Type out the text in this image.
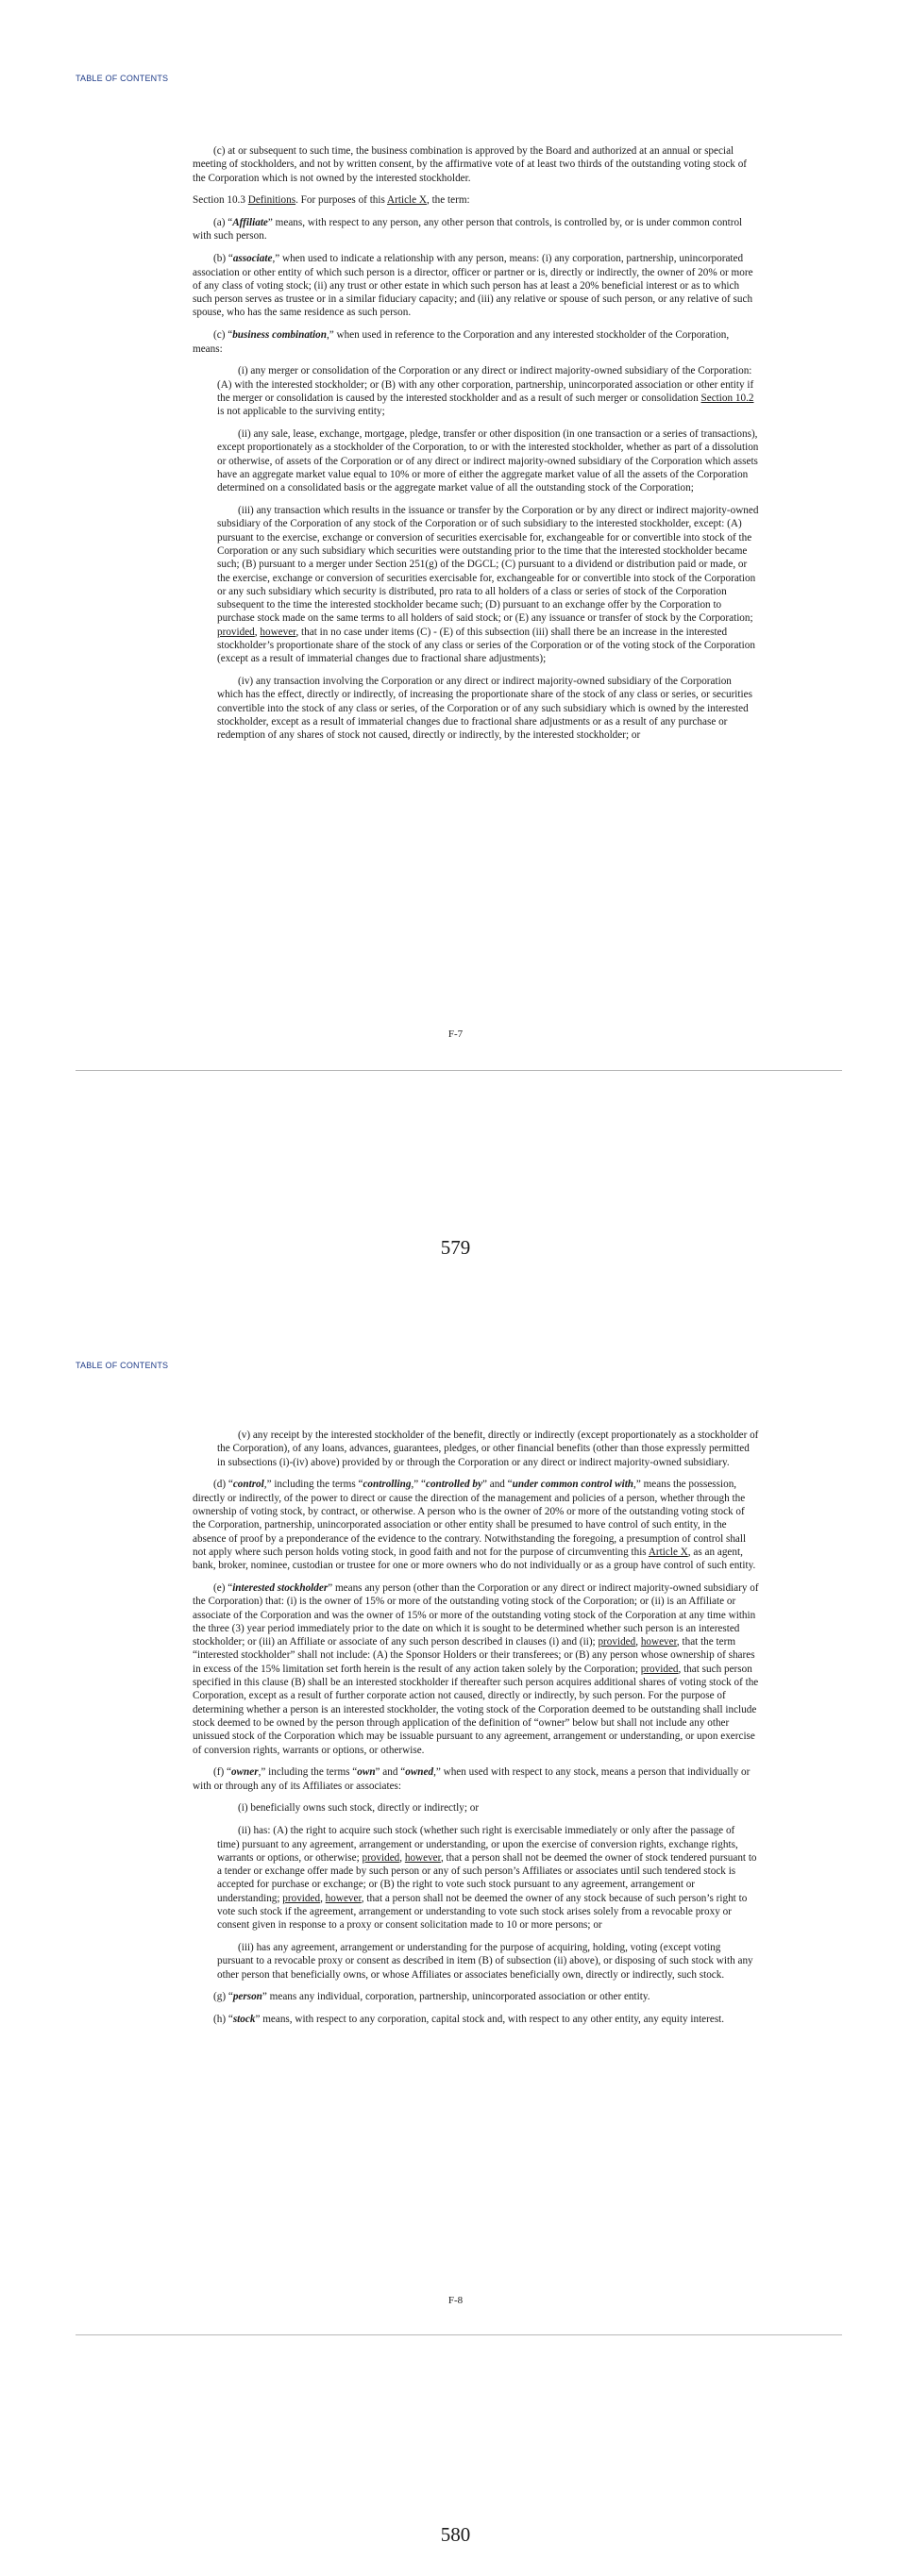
TABLE OF CONTENTS

(c) at or subsequent to such time, the business combination is approved by the Board and authorized at an annual or special meeting of stockholders, and not by written consent, by the affirmative vote of at least two thirds of the outstanding voting stock of the Corporation which is not owned by the interested stockholder.

Section 10.3 Definitions. For purposes of this Article X, the term:

(a) “Affiliate” means, with respect to any person, any other person that controls, is controlled by, or is under common control with such person.

(b) “associate,” when used to indicate a relationship with any person, means: (i) any corporation, partnership, unincorporated association or other entity of which such person is a director, officer or partner or is, directly or indirectly, the owner of 20% or more of any class of voting stock; (ii) any trust or other estate in which such person has at least a 20% beneficial interest or as to which such person serves as trustee or in a similar fiduciary capacity; and (iii) any relative or spouse of such person, or any relative of such spouse, who has the same residence as such person.

(c) “business combination,” when used in reference to the Corporation and any interested stockholder of the Corporation, means:

(i) any merger or consolidation of the Corporation or any direct or indirect majority-owned subsidiary of the Corporation: (A) with the interested stockholder; or (B) with any other corporation, partnership, unincorporated association or other entity if the merger or consolidation is caused by the interested stockholder and as a result of such merger or consolidation Section 10.2 is not applicable to the surviving entity;

(ii) any sale, lease, exchange, mortgage, pledge, transfer or other disposition (in one transaction or a series of transactions), except proportionately as a stockholder of the Corporation, to or with the interested stockholder, whether as part of a dissolution or otherwise, of assets of the Corporation or of any direct or indirect majority-owned subsidiary of the Corporation which assets have an aggregate market value equal to 10% or more of either the aggregate market value of all the assets of the Corporation determined on a consolidated basis or the aggregate market value of all the outstanding stock of the Corporation;

(iii) any transaction which results in the issuance or transfer by the Corporation or by any direct or indirect majority-owned subsidiary of the Corporation of any stock of the Corporation or of such subsidiary to the interested stockholder, except: (A) pursuant to the exercise, exchange or conversion of securities exercisable for, exchangeable for or convertible into stock of the Corporation or any such subsidiary which securities were outstanding prior to the time that the interested stockholder became such; (B) pursuant to a merger under Section 251(g) of the DGCL; (C) pursuant to a dividend or distribution paid or made, or the exercise, exchange or conversion of securities exercisable for, exchangeable for or convertible into stock of the Corporation or any such subsidiary which security is distributed, pro rata to all holders of a class or series of stock of the Corporation subsequent to the time the interested stockholder became such; (D) pursuant to an exchange offer by the Corporation to purchase stock made on the same terms to all holders of said stock; or (E) any issuance or transfer of stock by the Corporation; provided, however, that in no case under items (C) - (E) of this subsection (iii) shall there be an increase in the interested stockholder’s proportionate share of the stock of any class or series of the Corporation or of the voting stock of the Corporation (except as a result of immaterial changes due to fractional share adjustments);

(iv) any transaction involving the Corporation or any direct or indirect majority-owned subsidiary of the Corporation which has the effect, directly or indirectly, of increasing the proportionate share of the stock of any class or series, or securities convertible into the stock of any class or series, of the Corporation or of any such subsidiary which is owned by the interested stockholder, except as a result of immaterial changes due to fractional share adjustments or as a result of any purchase or redemption of any shares of stock not caused, directly or indirectly, by the interested stockholder; or

F-7
579
TABLE OF CONTENTS

(v) any receipt by the interested stockholder of the benefit, directly or indirectly (except proportionately as a stockholder of the Corporation), of any loans, advances, guarantees, pledges, or other financial benefits (other than those expressly permitted in subsections (i)-(iv) above) provided by or through the Corporation or any direct or indirect majority-owned subsidiary.

(d) “control,” including the terms “controlling,” “controlled by” and “under common control with,” means the possession, directly or indirectly, of the power to direct or cause the direction of the management and policies of a person, whether through the ownership of voting stock, by contract, or otherwise. A person who is the owner of 20% or more of the outstanding voting stock of the Corporation, partnership, unincorporated association or other entity shall be presumed to have control of such entity, in the absence of proof by a preponderance of the evidence to the contrary. Notwithstanding the foregoing, a presumption of control shall not apply where such person holds voting stock, in good faith and not for the purpose of circumventing this Article X, as an agent, bank, broker, nominee, custodian or trustee for one or more owners who do not individually or as a group have control of such entity.

(e) “interested stockholder” means any person (other than the Corporation or any direct or indirect majority-owned subsidiary of the Corporation) that: (i) is the owner of 15% or more of the outstanding voting stock of the Corporation; or (ii) is an Affiliate or associate of the Corporation and was the owner of 15% or more of the outstanding voting stock of the Corporation at any time within the three (3) year period immediately prior to the date on which it is sought to be determined whether such person is an interested stockholder; or (iii) an Affiliate or associate of any such person described in clauses (i) and (ii); provided, however, that the term “interested stockholder” shall not include: (A) the Sponsor Holders or their transferees; or (B) any person whose ownership of shares in excess of the 15% limitation set forth herein is the result of any action taken solely by the Corporation; provided, that such person specified in this clause (B) shall be an interested stockholder if thereafter such person acquires additional shares of voting stock of the Corporation, except as a result of further corporate action not caused, directly or indirectly, by such person. For the purpose of determining whether a person is an interested stockholder, the voting stock of the Corporation deemed to be outstanding shall include stock deemed to be owned by the person through application of the definition of “owner” below but shall not include any other unissued stock of the Corporation which may be issuable pursuant to any agreement, arrangement or understanding, or upon exercise of conversion rights, warrants or options, or otherwise.

(f) “owner,” including the terms “own” and “owned,” when used with respect to any stock, means a person that individually or with or through any of its Affiliates or associates:

(i) beneficially owns such stock, directly or indirectly; or

(ii) has: (A) the right to acquire such stock (whether such right is exercisable immediately or only after the passage of time) pursuant to any agreement, arrangement or understanding, or upon the exercise of conversion rights, exchange rights, warrants or options, or otherwise; provided, however, that a person shall not be deemed the owner of stock tendered pursuant to a tender or exchange offer made by such person or any of such person’s Affiliates or associates until such tendered stock is accepted for purchase or exchange; or (B) the right to vote such stock pursuant to any agreement, arrangement or understanding; provided, however, that a person shall not be deemed the owner of any stock because of such person’s right to vote such stock if the agreement, arrangement or understanding to vote such stock arises solely from a revocable proxy or consent given in response to a proxy or consent solicitation made to 10 or more persons; or

(iii) has any agreement, arrangement or understanding for the purpose of acquiring, holding, voting (except voting pursuant to a revocable proxy or consent as described in item (B) of subsection (ii) above), or disposing of such stock with any other person that beneficially owns, or whose Affiliates or associates beneficially own, directly or indirectly, such stock.

(g) “person” means any individual, corporation, partnership, unincorporated association or other entity.

(h) “stock” means, with respect to any corporation, capital stock and, with respect to any other entity, any equity interest.

F-8
580
